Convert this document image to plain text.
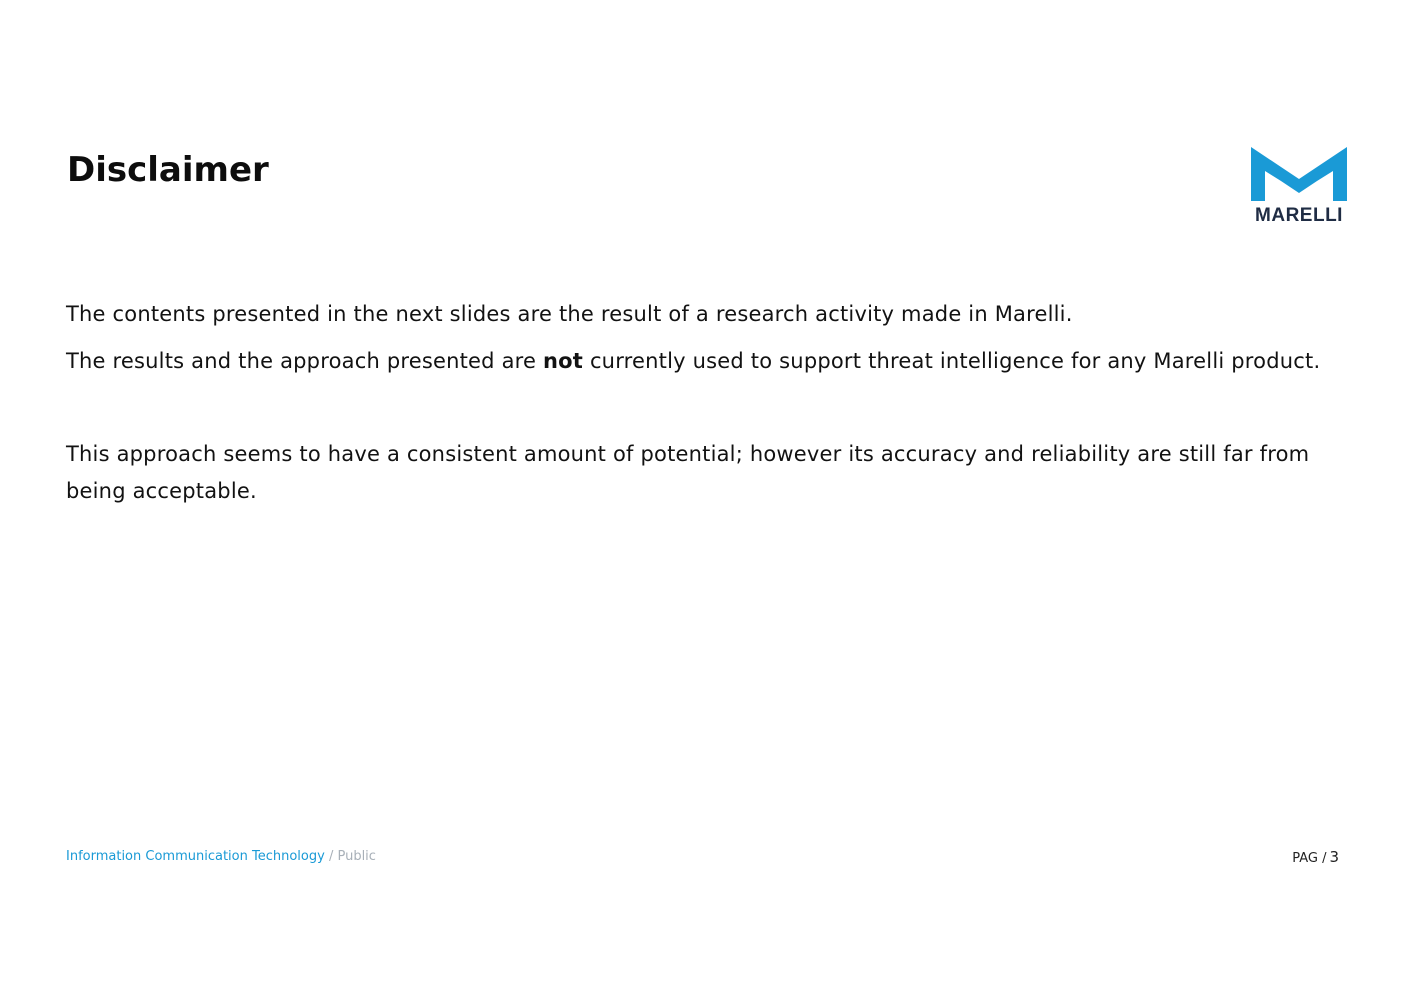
Disclaimer
MARELLI

The contents presented in the next slides are the result of a research activity made in Marelli.

The results and the approach presented are not currently used to support threat intelligence for any Marelli product.

This approach seems to have a consistent amount of potential; however its accuracy and reliability are still far from being acceptable.

Information Communication Technology / Public	PAG / 3
